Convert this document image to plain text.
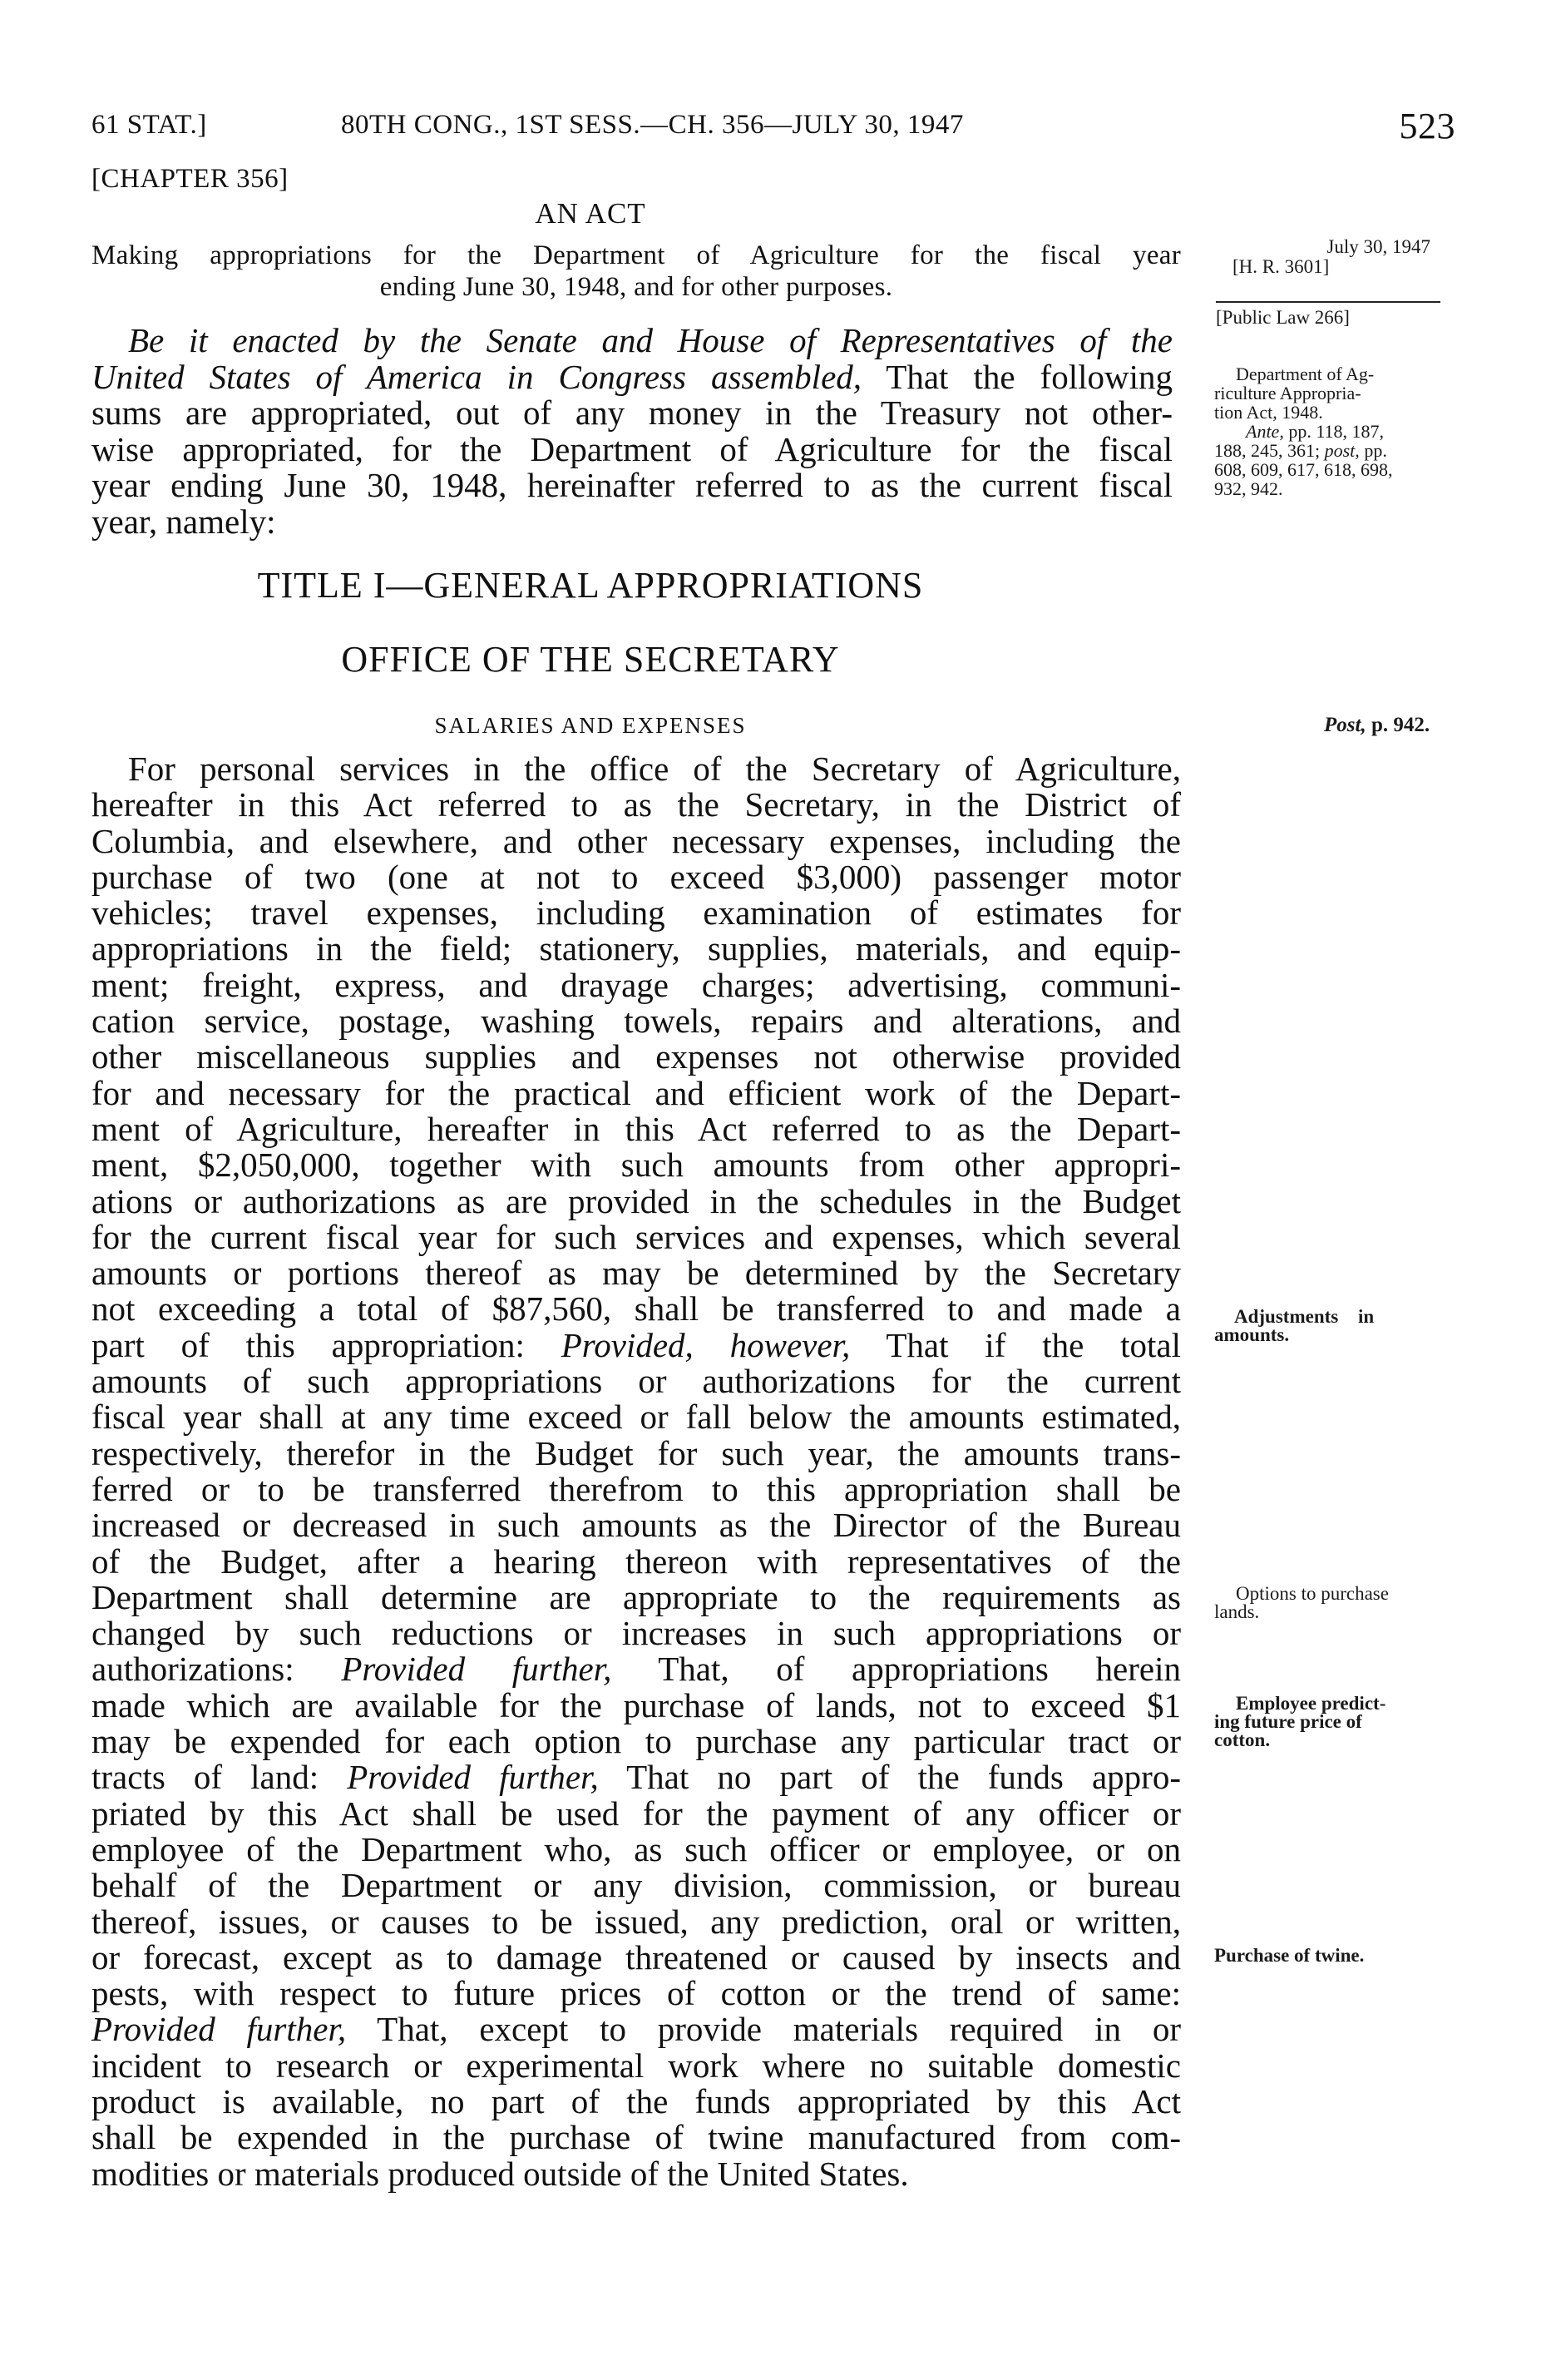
61 STAT.]	80TH CONG., 1ST SESS.—CH. 356—JULY 30, 1947	523
[CHAPTER 356]
AN ACT
Making appropriations for the Department of Agriculture for the fiscal year
ending June 30, 1948, and for other purposes.
Be it enacted by the Senate and House of Representatives of the
United States of America in Congress assembled, That the following
sums are appropriated, out of any money in the Treasury not other-
wise appropriated, for the Department of Agriculture for the fiscal
year ending June 30, 1948, hereinafter referred to as the current fiscal
year, namely:
TITLE I—GENERAL APPROPRIATIONS
OFFICE OF THE SECRETARY
SALARIES AND EXPENSES
For personal services in the office of the Secretary of Agriculture,
hereafter in this Act referred to as the Secretary, in the District of
Columbia, and elsewhere, and other necessary expenses, including the
purchase of two (one at not to exceed $3,000) passenger motor
vehicles; travel expenses, including examination of estimates for
appropriations in the field; stationery, supplies, materials, and equip-
ment; freight, express, and drayage charges; advertising, communi-
cation service, postage, washing towels, repairs and alterations, and
other miscellaneous supplies and expenses not otherwise provided
for and necessary for the practical and efficient work of the Depart-
ment of Agriculture, hereafter in this Act referred to as the Depart-
ment, $2,050,000, together with such amounts from other appropri-
ations or authorizations as are provided in the schedules in the Budget
for the current fiscal year for such services and expenses, which several
amounts or portions thereof as may be determined by the Secretary
not exceeding a total of $87,560, shall be transferred to and made a
part of this appropriation: Provided, however, That if the total
amounts of such appropriations or authorizations for the current
fiscal year shall at any time exceed or fall below the amounts estimated,
respectively, therefor in the Budget for such year, the amounts trans-
ferred or to be transferred therefrom to this appropriation shall be
increased or decreased in such amounts as the Director of the Bureau
of the Budget, after a hearing thereon with representatives of the
Department shall determine are appropriate to the requirements as
changed by such reductions or increases in such appropriations or
authorizations: Provided further, That, of appropriations herein
made which are available for the purchase of lands, not to exceed $1
may be expended for each option to purchase any particular tract or
tracts of land: Provided further, That no part of the funds appro-
priated by this Act shall be used for the payment of any officer or
employee of the Department who, as such officer or employee, or on
behalf of the Department or any division, commission, or bureau
thereof, issues, or causes to be issued, any prediction, oral or written,
or forecast, except as to damage threatened or caused by insects and
pests, with respect to future prices of cotton or the trend of same:
Provided further, That, except to provide materials required in or
incident to research or experimental work where no suitable domestic
product is available, no part of the funds appropriated by this Act
shall be expended in the purchase of twine manufactured from com-
modities or materials produced outside of the United States.
July 30, 1947
[H. R. 3601]
[Public Law 266]
Department of Ag-
riculture Appropria-
tion Act, 1948.
Ante, pp. 118, 187,
188, 245, 361; post, pp.
608, 609, 617, 618, 698,
932, 942.
Post, p. 942.
Adjustments in
amounts.
Options to purchase
lands.
Employee predict-
ing future price of
cotton.
Purchase of twine.
